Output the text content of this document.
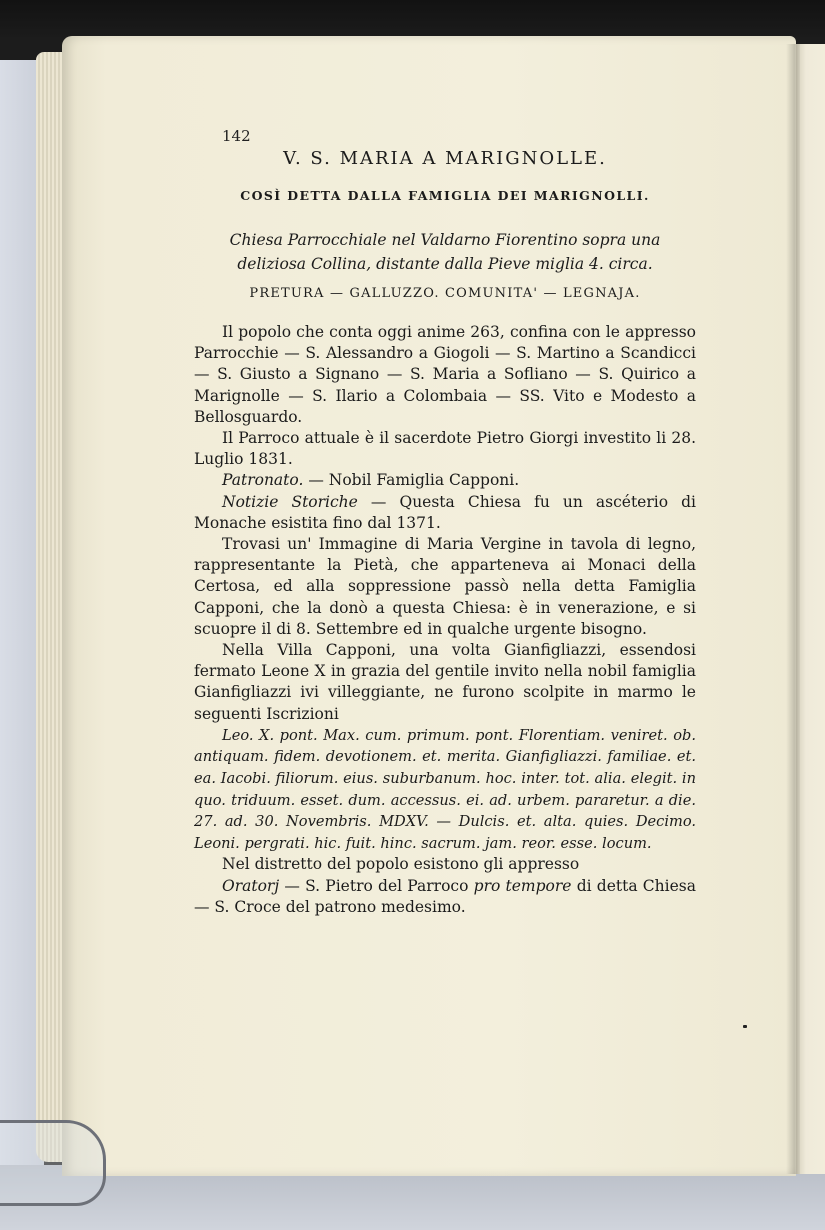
142
V. S. MARIA A MARIGNOLLE.
COSÌ DETTA DALLA FAMIGLIA DEI MARIGNOLLI.
Chiesa Parrocchiale nel Valdarno Fiorentino sopra una deliziosa Collina, distante dalla Pieve miglia 4. circa.
PRETURA — GALLUZZO. COMUNITA' — LEGNAJA.

Il popolo che conta oggi anime 263, confina con le appresso Parrocchie — S. Alessandro a Giogoli — S. Martino a Scandicci — S. Giusto a Signano — S. Maria a Sofliano — S. Quirico a Marignolle — S. Ilario a Colombaia — SS. Vito e Modesto a Bellosguardo.

Il Parroco attuale è il sacerdote Pietro Giorgi investito li 28. Luglio 1831.

Patronato. — Nobil Famiglia Capponi.

Notizie Storiche — Questa Chiesa fu un ascéterio di Monache esistita fino dal 1371.

Trovasi un' Immagine di Maria Vergine in tavola di legno, rappresentante la Pietà, che apparteneva ai Monaci della Certosa, ed alla soppressione passò nella detta Famiglia Capponi, che la donò a questa Chiesa: è in venerazione, e si scuopre il di 8. Settembre ed in qualche urgente bisogno.

Nella Villa Capponi, una volta Gianfigliazzi, essendosi fermato Leone X in grazia del gentile invito nella nobil famiglia Gianfigliazzi ivi villeggiante, ne furono scolpite in marmo le seguenti Iscrizioni

Leo. X. pont. Max. cum. primum. pont. Florentiam. veniret. ob. antiquam. fidem. devotionem. et. merita. Gianfigliazzi. familiae. et. ea. Iacobi. filiorum. eius. suburbanum. hoc. inter. tot. alia. elegit. in quo. triduum. esset. dum. accessus. ei. ad. urbem. pararetur. a die. 27. ad. 30. Novembris. MDXV. — Dulcis. et. alta. quies. Decimo. Leoni. pergrati. hic. fuit. hinc. sacrum. jam. reor. esse. locum.

Nel distretto del popolo esistono gli appresso

Oratorj — S. Pietro del Parroco pro tempore di detta Chiesa — S. Croce del patrono medesimo.
